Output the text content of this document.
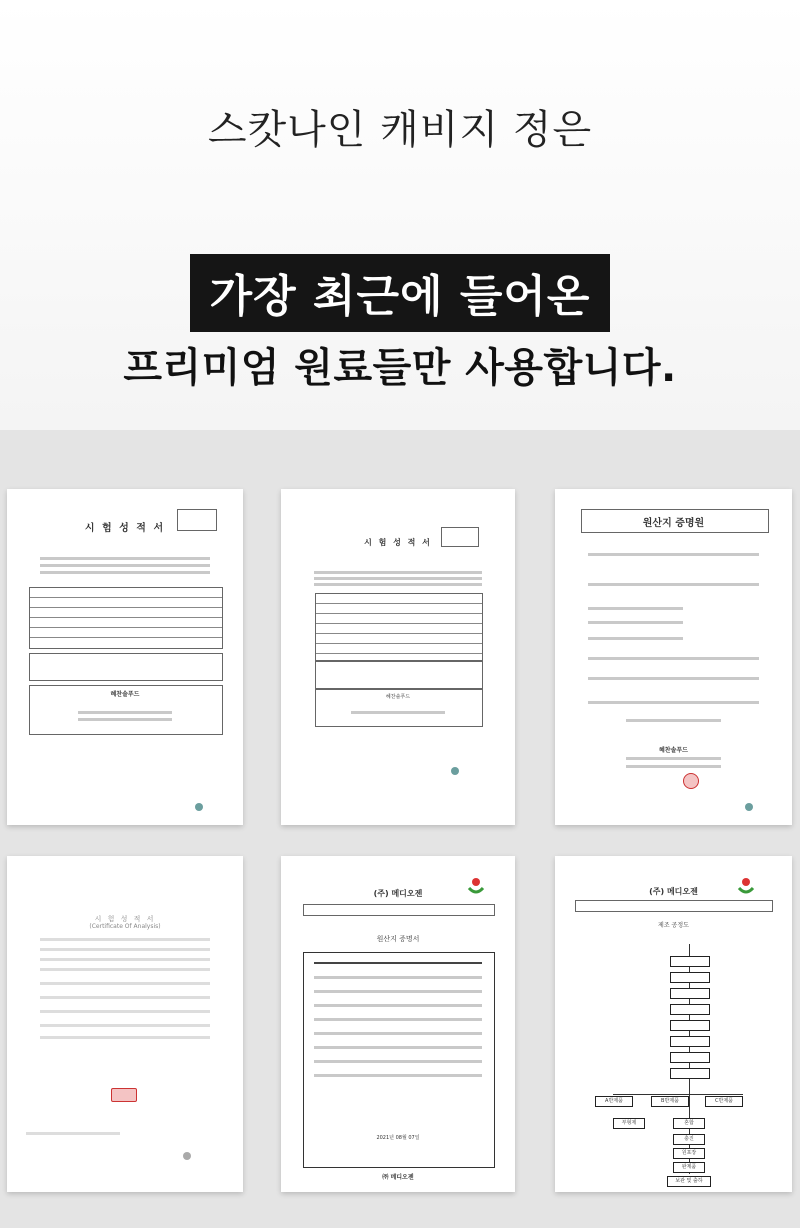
스캇나인 캐비지 정은
가장 최근에 들어온
프리미엄 원료들만 사용합니다.
시 험 성 적 서
혜찬솔푸드
시 험 성 적 서
혜찬솔푸드
원산지 증명원
혜찬솔푸드
시 험 성 적 서
(Certificate Of Analysis)
(주) 메디오젠
원산지 증명서
2021년 08월 07일
㈜ 메디오젠
(주) 메디오젠
제조 공정도
A반제품	B반제품	C반제품
부형제	혼합
충진
원포장
완제품
보관 및 출하
